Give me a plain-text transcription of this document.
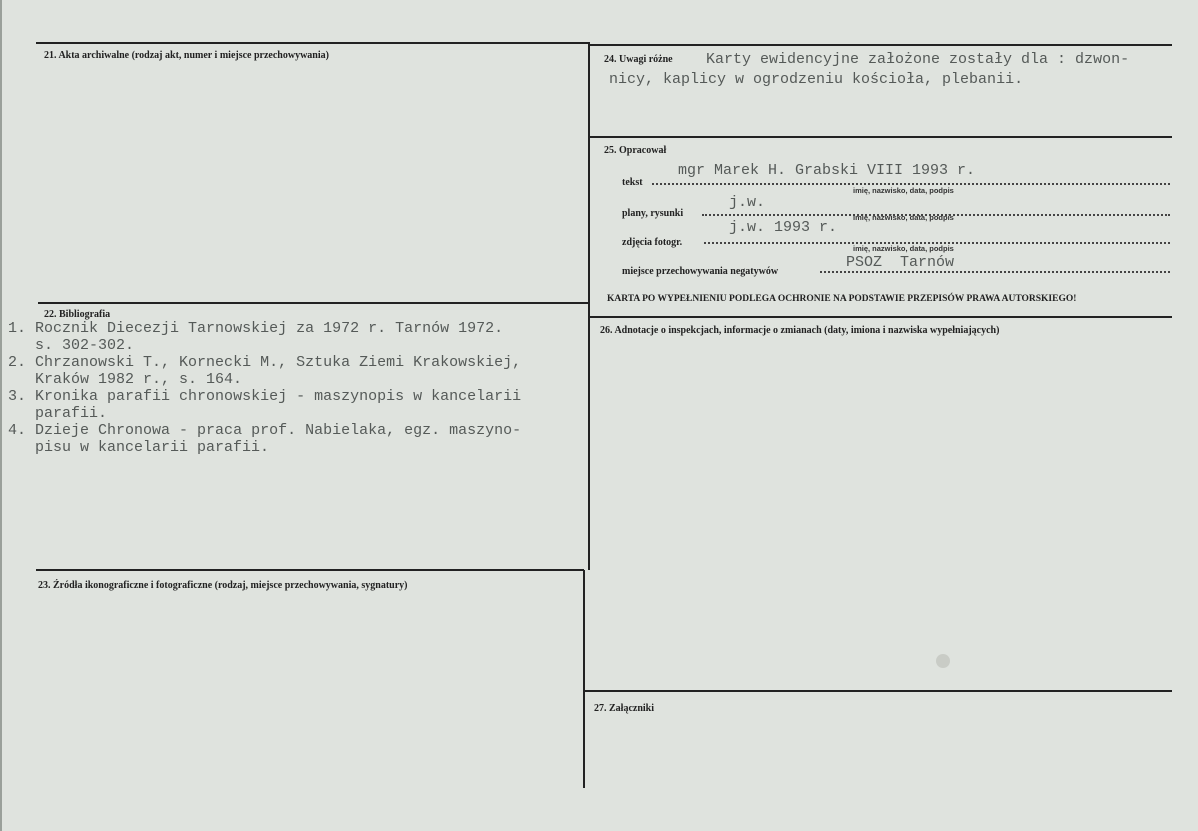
21. Akta archiwalne (rodzaj akt, numer i miejsce przechowywania)
22. Bibliografia
1. Rocznik Diecezji Tarnowskiej za 1972 r. Tarnów 1972.
s. 302-302.
2. Chrzanowski T., Kornecki M., Sztuka Ziemi Krakowskiej,
Kraków 1982 r., s. 164.
3. Kronika parafii chronowskiej - maszynopis w kancelarii
parafii.
4. Dzieje Chronowa - praca prof. Nabielaka, egz. maszyno-
pisu w kancelarii parafii.
23. Źródła ikonograficzne i fotograficzne (rodzaj, miejsce przechowywania, sygnatury)
24. Uwagi różne Karty ewidencyjne założone zostały dla : dzwon-
nicy, kaplicy w ogrodzeniu kościoła, plebanii.
25. Opracował
tekst
mgr Marek H. Grabski VIII 1993 r.
imię, nazwisko, data, podpis
plany, rysunki
j.w.
imię, nazwisko, data, podpis
zdjęcia fotogr.
j.w. 1993 r.
imię, nazwisko, data, podpis
miejsce przechowywania negatywów
PSOZ  Tarnów
KARTA PO WYPEŁNIENIU PODLEGA OCHRONIE NA PODSTAWIE PRZEPISÓW PRAWA AUTORSKIEGO!
26. Adnotacje o inspekcjach, informacje o zmianach (daty, imiona i nazwiska wypełniających)
27. Załączniki
